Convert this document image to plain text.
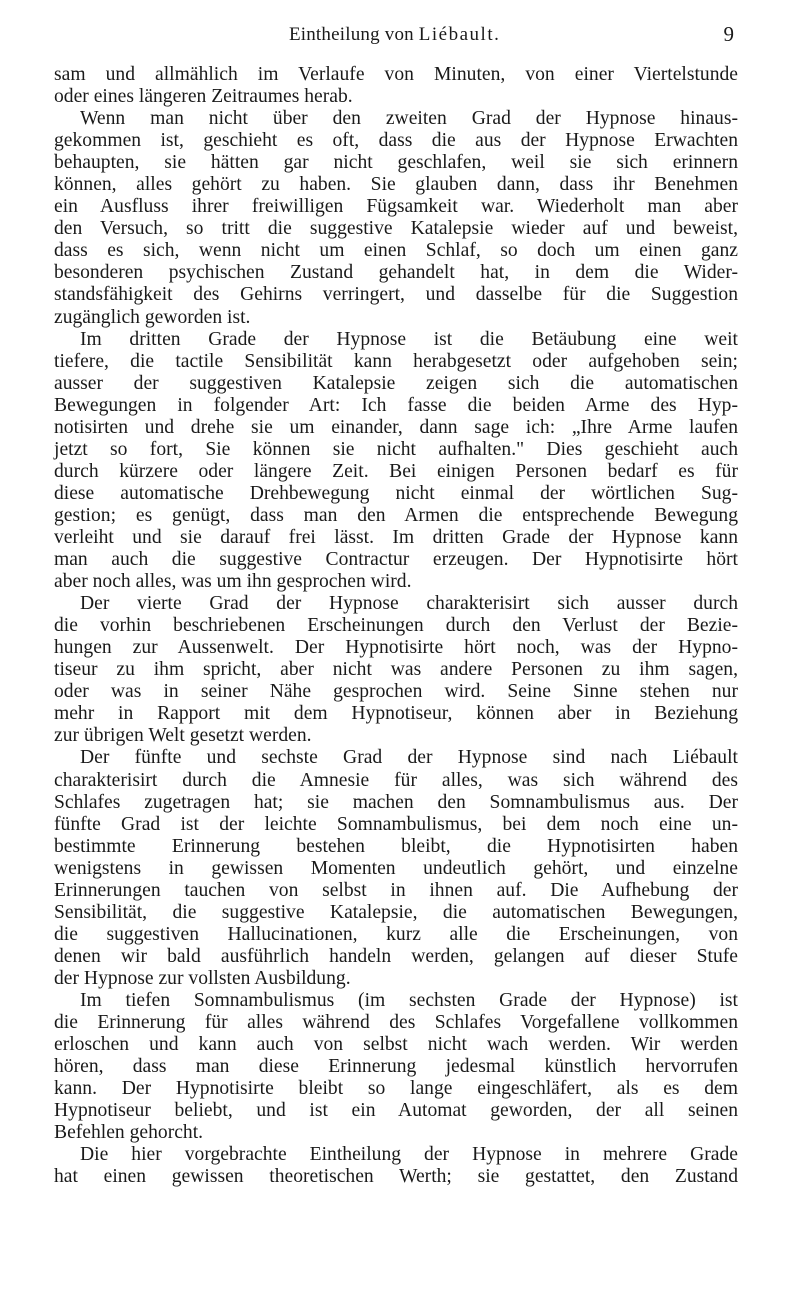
Eintheilung von Liébault.	9
sam und allmählich im Verlaufe von Minuten, von einer Viertelstunde
oder eines längeren Zeitraumes herab.
Wenn man nicht über den zweiten Grad der Hypnose hinaus-
gekommen ist, geschieht es oft, dass die aus der Hypnose Erwachten
behaupten, sie hätten gar nicht geschlafen, weil sie sich erinnern
können, alles gehört zu haben. Sie glauben dann, dass ihr Benehmen
ein Ausfluss ihrer freiwilligen Fügsamkeit war. Wiederholt man aber
den Versuch, so tritt die suggestive Katalepsie wieder auf und beweist,
dass es sich, wenn nicht um einen Schlaf, so doch um einen ganz
besonderen psychischen Zustand gehandelt hat, in dem die Wider-
standsfähigkeit des Gehirns verringert, und dasselbe für die Suggestion
zugänglich geworden ist.
Im dritten Grade der Hypnose ist die Betäubung eine weit
tiefere, die tactile Sensibilität kann herabgesetzt oder aufgehoben sein;
ausser der suggestiven Katalepsie zeigen sich die automatischen
Bewegungen in folgender Art: Ich fasse die beiden Arme des Hyp-
notisirten und drehe sie um einander, dann sage ich: „Ihre Arme laufen
jetzt so fort, Sie können sie nicht aufhalten." Dies geschieht auch
durch kürzere oder längere Zeit. Bei einigen Personen bedarf es für
diese automatische Drehbewegung nicht einmal der wörtlichen Sug-
gestion; es genügt, dass man den Armen die entsprechende Bewegung
verleiht und sie darauf frei lässt. Im dritten Grade der Hypnose kann
man auch die suggestive Contractur erzeugen. Der Hypnotisirte hört
aber noch alles, was um ihn gesprochen wird.
Der vierte Grad der Hypnose charakterisirt sich ausser durch
die vorhin beschriebenen Erscheinungen durch den Verlust der Bezie-
hungen zur Aussenwelt. Der Hypnotisirte hört noch, was der Hypno-
tiseur zu ihm spricht, aber nicht was andere Personen zu ihm sagen,
oder was in seiner Nähe gesprochen wird. Seine Sinne stehen nur
mehr in Rapport mit dem Hypnotiseur, können aber in Beziehung
zur übrigen Welt gesetzt werden.
Der fünfte und sechste Grad der Hypnose sind nach Liébault
charakterisirt durch die Amnesie für alles, was sich während des
Schlafes zugetragen hat; sie machen den Somnambulismus aus. Der
fünfte Grad ist der leichte Somnambulismus, bei dem noch eine un-
bestimmte Erinnerung bestehen bleibt, die Hypnotisirten haben
wenigstens in gewissen Momenten undeutlich gehört, und einzelne
Erinnerungen tauchen von selbst in ihnen auf. Die Aufhebung der
Sensibilität, die suggestive Katalepsie, die automatischen Bewegungen,
die suggestiven Hallucinationen, kurz alle die Erscheinungen, von
denen wir bald ausführlich handeln werden, gelangen auf dieser Stufe
der Hypnose zur vollsten Ausbildung.
Im tiefen Somnambulismus (im sechsten Grade der Hypnose) ist
die Erinnerung für alles während des Schlafes Vorgefallene vollkommen
erloschen und kann auch von selbst nicht wach werden. Wir werden
hören, dass man diese Erinnerung jedesmal künstlich hervorrufen
kann. Der Hypnotisirte bleibt so lange eingeschläfert, als es dem
Hypnotiseur beliebt, und ist ein Automat geworden, der all seinen
Befehlen gehorcht.
Die hier vorgebrachte Eintheilung der Hypnose in mehrere Grade
hat einen gewissen theoretischen Werth; sie gestattet, den Zustand
